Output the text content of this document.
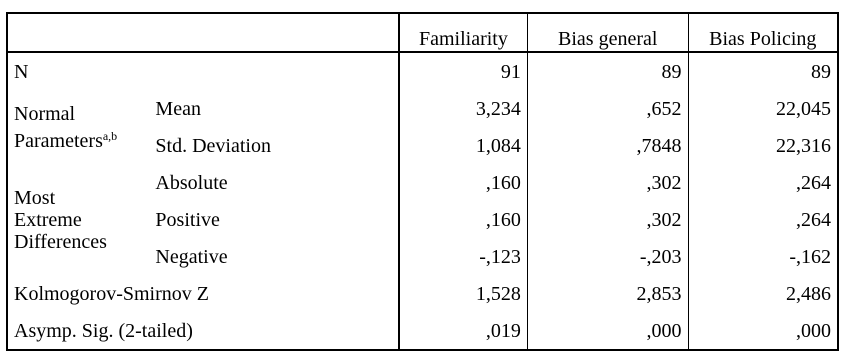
		Familiarity	Bias general	Bias Policing
N		91	89	89
Normal
Parameters$^{a,b}$	Mean	3,234	,652	22,045
	Std. Deviation	1,084	,7848	22,316
Most
Extreme
Differences	Absolute	,160	,302	,264
	Positive	,160	,302	,264
	Negative	-,123	-,203	-,162
Kolmogorov-Smirnov Z		1,528	2,853	2,486
Asymp. Sig. (2-tailed)		,019	,000	,000
